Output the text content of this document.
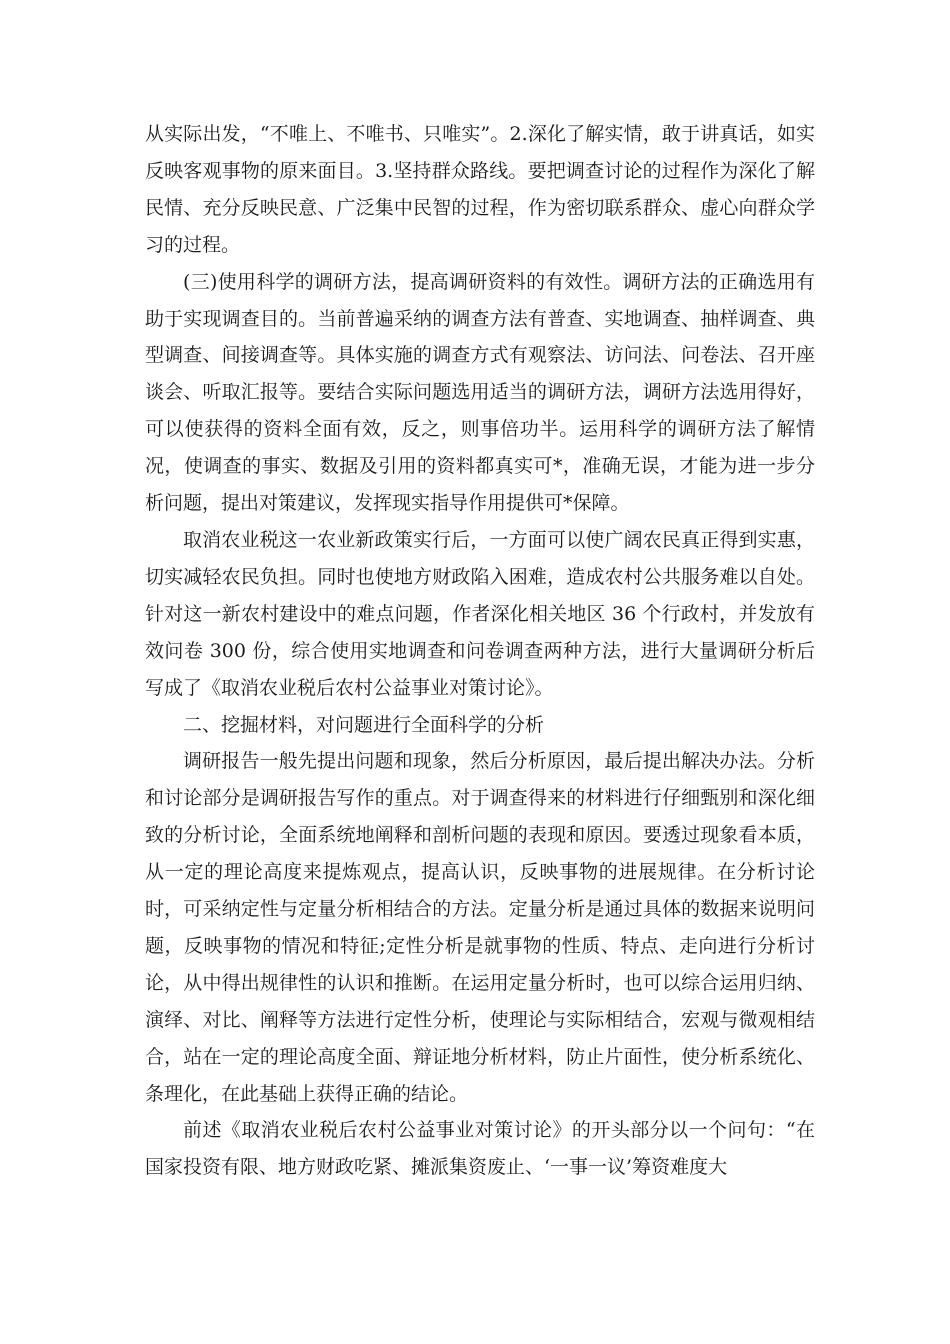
从实际出发，“不唯上、不唯书、只唯实”。2.深化了解实情，敢于讲真话，如实反映客观事物的原来面目。3.坚持群众路线。要把调查讨论的过程作为深化了解民情、充分反映民意、广泛集中民智的过程，作为密切联系群众、虚心向群众学习的过程。

(三)使用科学的调研方法，提高调研资料的有效性。调研方法的正确选用有助于实现调查目的。当前普遍采纳的调查方法有普查、实地调查、抽样调查、典型调查、间接调查等。具体实施的调查方式有观察法、访问法、问卷法、召开座谈会、听取汇报等。要结合实际问题选用适当的调研方法，调研方法选用得好，可以使获得的资料全面有效，反之，则事倍功半。运用科学的调研方法了解情况，使调查的事实、数据及引用的资料都真实可*，准确无误，才能为进一步分析问题，提出对策建议，发挥现实指导作用提供可*保障。

取消农业税这一农业新政策实行后，一方面可以使广阔农民真正得到实惠，切实减轻农民负担。同时也使地方财政陷入困难，造成农村公共服务难以自处。针对这一新农村建设中的难点问题，作者深化相关地区 36 个行政村，并发放有效问卷 300 份，综合使用实地调查和问卷调查两种方法，进行大量调研分析后写成了《取消农业税后农村公益事业对策讨论》。

二、挖掘材料，对问题进行全面科学的分析

调研报告一般先提出问题和现象，然后分析原因，最后提出解决办法。分析和讨论部分是调研报告写作的重点。对于调查得来的材料进行仔细甄别和深化细致的分析讨论，全面系统地阐释和剖析问题的表现和原因。要透过现象看本质，从一定的理论高度来提炼观点，提高认识，反映事物的进展规律。在分析讨论时，可采纳定性与定量分析相结合的方法。定量分析是通过具体的数据来说明问题，反映事物的情况和特征;定性分析是就事物的性质、特点、走向进行分析讨论，从中得出规律性的认识和推断。在运用定量分析时，也可以综合运用归纳、演绎、对比、阐释等方法进行定性分析，使理论与实际相结合，宏观与微观相结合，站在一定的理论高度全面、辩证地分析材料，防止片面性，使分析系统化、条理化，在此基础上获得正确的结论。

前述《取消农业税后农村公益事业对策讨论》的开头部分以一个问句：“在国家投资有限、地方财政吃紧、摊派集资废止、‘一事一议’筹资难度大
